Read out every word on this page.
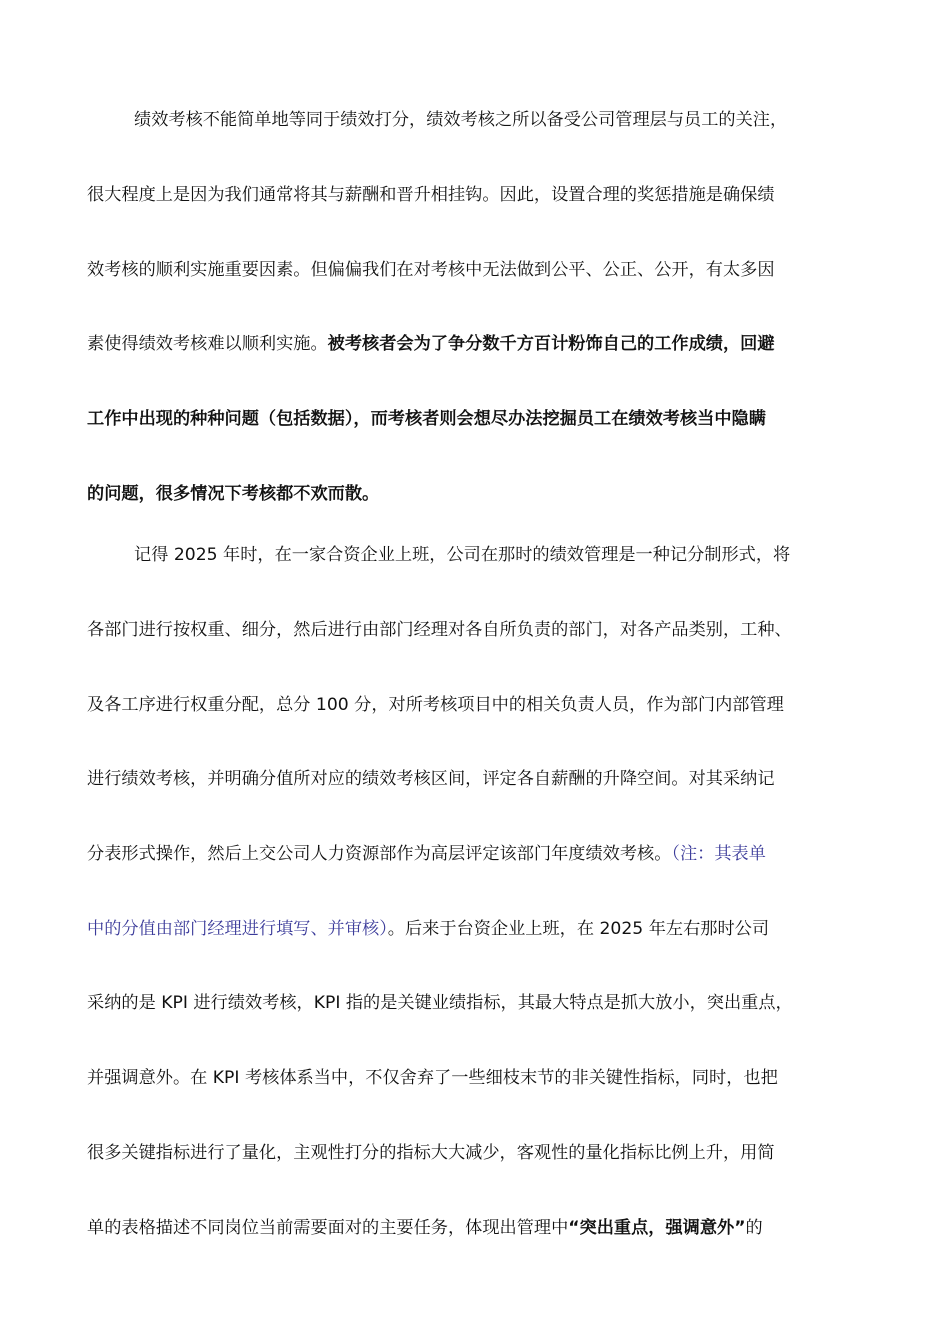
绩效考核不能简单地等同于绩效打分，绩效考核之所以备受公司管理层与员工的关注，
很大程度上是因为我们通常将其与薪酬和晋升相挂钩。因此，设置合理的奖惩措施是确保绩
效考核的顺利实施重要因素。但偏偏我们在对考核中无法做到公平、公正、公开，有太多因
素使得绩效考核难以顺利实施。被考核者会为了争分数千方百计粉饰自己的工作成绩，回避
工作中出现的种种问题（包括数据），而考核者则会想尽办法挖掘员工在绩效考核当中隐瞒
的问题，很多情况下考核都不欢而散。
记得 2025 年时，在一家合资企业上班，公司在那时的绩效管理是一种记分制形式，将
各部门进行按权重、细分，然后进行由部门经理对各自所负责的部门，对各产品类别，工种、
及各工序进行权重分配，总分 100 分，对所考核项目中的相关负责人员，作为部门内部管理
进行绩效考核，并明确分值所对应的绩效考核区间，评定各自薪酬的升降空间。对其采纳记
分表形式操作，然后上交公司人力资源部作为高层评定该部门年度绩效考核。（注：其表单
中的分值由部门经理进行填写、并审核）。后来于台资企业上班，在 2025 年左右那时公司
采纳的是 KPI 进行绩效考核，KPI 指的是关键业绩指标，其最大特点是抓大放小，突出重点，
并强调意外。在 KPI 考核体系当中，不仅舍弃了一些细枝末节的非关键性指标，同时，也把
很多关键指标进行了量化，主观性打分的指标大大减少，客观性的量化指标比例上升，用简
单的表格描述不同岗位当前需要面对的主要任务，体现出管理中“突出重点，强调意外”的
